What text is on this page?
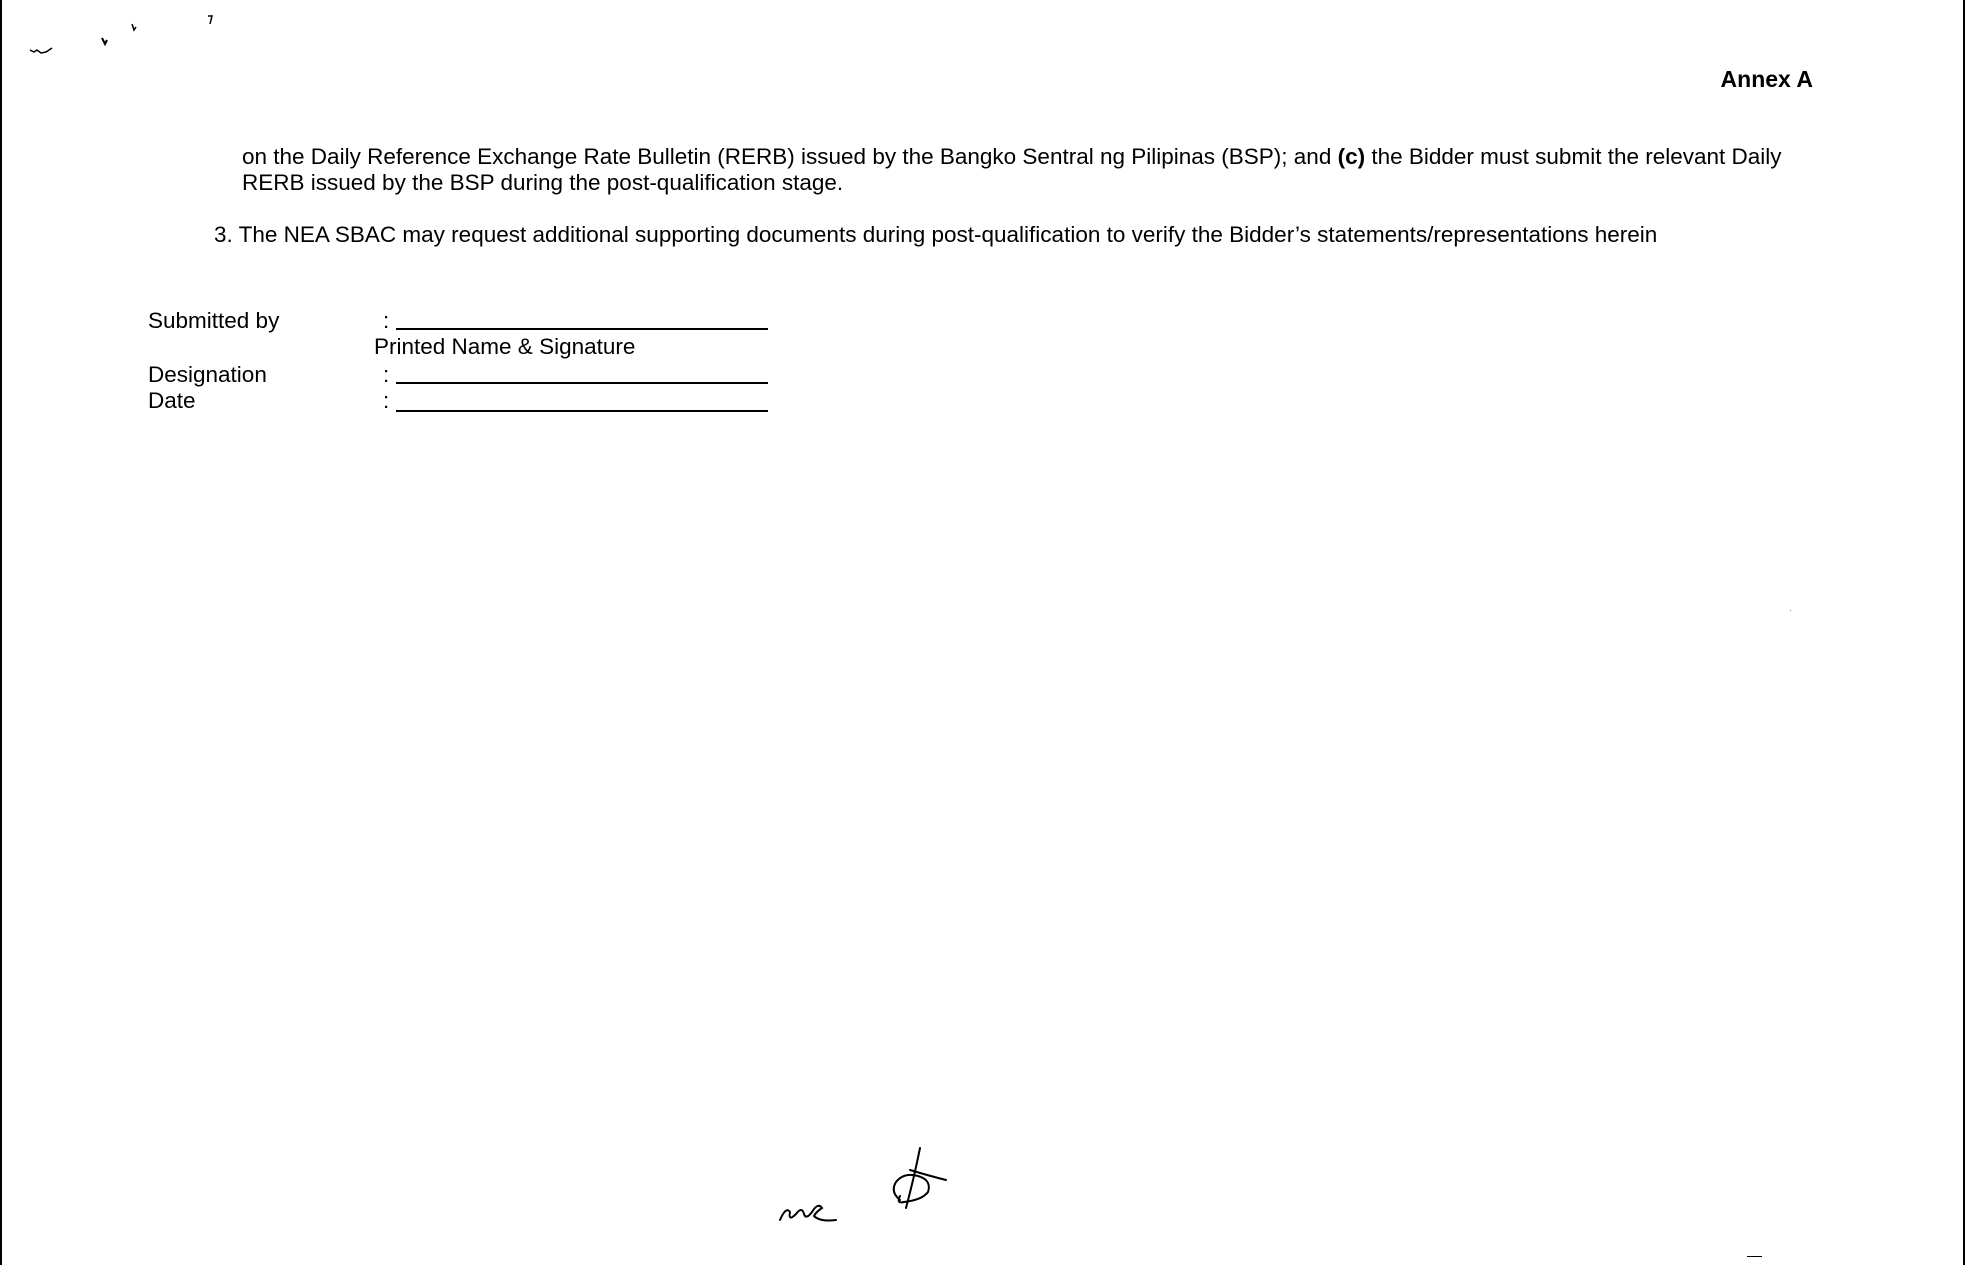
Annex A
on the Daily Reference Exchange Rate Bulletin (RERB) issued by the Bangko Sentral ng Pilipinas (BSP); and (c) the Bidder must submit the relevant Daily RERB issued by the BSP during the post-qualification stage.
3. The NEA SBAC may request additional supporting documents during post-qualification to verify the Bidder’s statements/representations herein
Submitted by	:
Printed Name & Signature
Designation	:
Date	:
